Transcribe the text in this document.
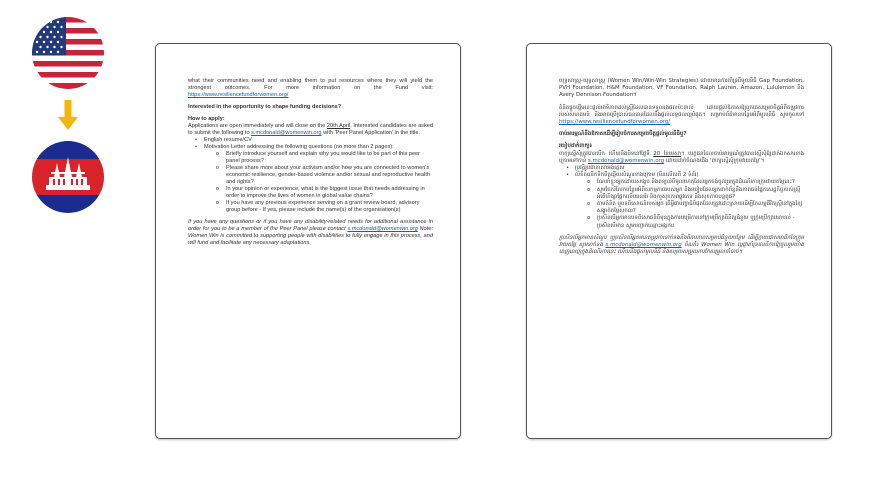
what their communities need and enabling them to put resources where they will yield the strongest outcomes. For more information on the Fund visit: https://www.resiliencefundforwomen.org/

Interested in the opportunity to shape funding decisions?

How to apply:

Applications are open immediately and will close on the 20th April. Interested candidates are asked to submit the following to s.mcdonald@womenwin.org with 'Peer Panel Application' in the title.

• English resume/CV
• Motivation Letter addressing the following questions (no more than 2 pages):
o Briefly introduce yourself and explain why you would like to be part of this peer panel process?
o Please share more about your activism and/or how you are connected to women's economic resilience, gender-based violence and/or sexual and reproductive health and rights?
o In your opinion or experience, what is the biggest issue that needs addressing in order to improve the lives of women in global value chains?
o If you have any previous experience serving on a grant review board, advisory group before - If yes, please include the name(s) of the organisation(s)

If you have any questions or if you have any disability-related needs for additional assistance in order for you to be a member of the Peer Panel please contact s.mcdonald@womenwin.org Note: Women Win is committed to supporting people with disabilities to fully engage in this process, and will fund and facilitate any necessary adaptations.

យុទ្ធសាស្ត្រ-យុទ្ធសាស្ត្រ (Women Win/Win-Win Strategies) ដោយមានការគាំទ្រពីមូលនិធិ Gap Foundation, PVH Foundation, H&M Foundation, VF Foundation, Ralph Lauren, Amazon, Lululemon និង Avery Dennison Foundation។

គំនិតផ្តួចផ្តើមនេះផ្តល់អាទិភាពដល់ស្ត្រីដែលបានទទួលរងផលប៉ះពាល់ ដោយផ្តល់ឱកាសឱ្យពួកគេសម្រេចចិត្តអំពីតម្រូវការរបស់សហគមន៍ និងអាចប្រើប្រាស់ធនធានដែលនឹងផ្តល់លទ្ធផលល្អបំផុត។ សម្រាប់ព័ត៌មានបន្ថែមអំពីមូលនិធិ សូមចូលទៅ https://www.resiliencefundforwomen.org/

ចាប់អារម្មណ៍នឹងឱកាសដើម្បីរៀបចំការសម្រេចចិត្តផ្តល់មូលនិធិឬ?

របៀបដាក់ពាក្យ៖

ពាក្យស្នើសុំត្រូវបានបើក ហើយនឹងបិទនៅថ្ងៃទី 20 ខែមេសា។ បេក្ខជនដែលចាប់អារម្មណ៍ត្រូវបានស្នើសុំឱ្យដាក់ឯកសារខាងក្រោមទៅកាន់ s.mcdonald@womenwin.org ដោយដាក់ចំណងជើង 'ពាក្យស្នើសុំក្រុមវាយតម្លៃ'។

• ប្រវត្តិរូបជាភាសាអង់គ្លេស
• លិខិតលើកទឹកចិត្តឆ្លើយសំណួរខាងក្រោម (មិនលើសពី 2 ទំព័រ)
o ណែនាំខ្លួនអ្នកដោយសង្ខេប និងពន្យល់ពីមូលហេតុដែលអ្នកចង់ចូលរួមក្នុងដំណើរការក្រុមវាយតម្លៃនេះ?
o សូមចែករំលែកបន្ថែមអំពីសកម្មភាពរបស់អ្នក និងរបៀបដែលអ្នកពាក់ព័ន្ធនឹងភាពធន់ផ្នែកសេដ្ឋកិច្ចរបស់ស្ត្រី អំពើហិង្សាផ្អែកលើយេនឌ័រ និង/ឬសុខភាពផ្លូវភេទ និងសុខភាពបន្តពូជ?
o តាមគំនិត ឬបទពិសោធន៍របស់អ្នក តើអ្វីជាបញ្ហាធំបំផុតដែលត្រូវដោះស្រាយដើម្បីកែលម្អជីវិតស្ត្រីនៅក្នុងខ្សែសង្វាក់តម្លៃសកល?
o ប្រសិនបើអ្នកមានបទពិសោធន៍ពីមុនក្នុងការបម្រើការនៅក្រុមប្រឹក្សាពិនិត្យជំនួយ ឬក្រុមប្រឹក្សាយោបល់ - ប្រសិនបើមាន សូមបញ្ជាក់ឈ្មោះអង្គការ

ប្រសិនបើអ្នកមានសំណួរ ឬប្រសិនបើអ្នកមានតម្រូវការទាក់ទងនឹងពិការភាពសម្រាប់ជំនួយបន្ថែម ដើម្បីក្លាយជាសមាជិកនៃក្រុមវាយតម្លៃ សូមទាក់ទង s.mcdonald@womenwin.org ចំណាំ៖ Women Win ប្តេជ្ញាគាំទ្រជនពិការឱ្យចូលរួមយ៉ាងពេញលេញក្នុងដំណើរការនេះ ហើយនឹងផ្តល់មូលនិធិ និងសម្របសម្រួលការកែសម្រួលចាំបាច់។
